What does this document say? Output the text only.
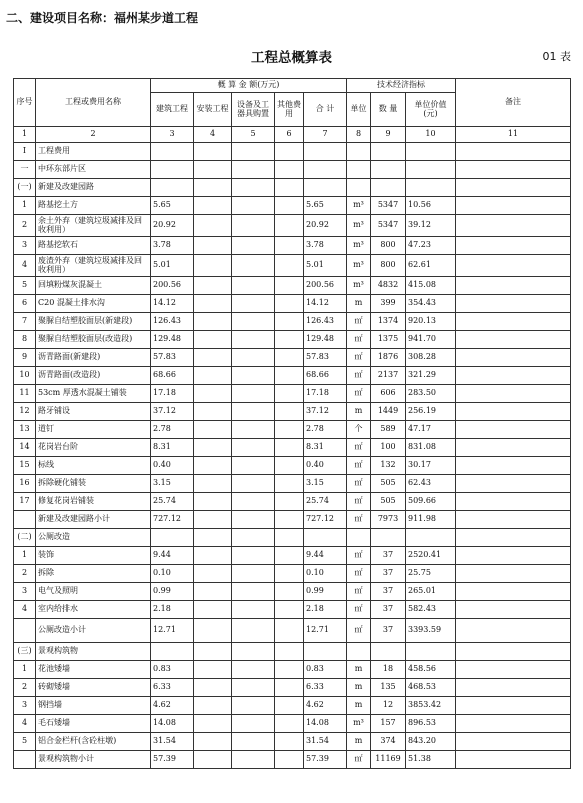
二、建设项目名称：福州某步道工程
工程总概算表	01 表
序号	工程或费用名称	概 算 金 额(万元)					技术经济指标			备注
		建筑工程	安装工程	设备及工器具购置	其他费用	合 计	单位	数 量	单位价值(元)	
1	2	3	4	5	6	7	8	9	10	11
Ⅰ	工程费用									
一	中环东部片区									
(一)	新建及改建园路									
1	路基挖土方	5.65				5.65	m³	5347	10.56	
2	余土外弃（建筑垃圾减排及回收利用）	20.92				20.92	m³	5347	39.12	
3	路基挖软石	3.78				3.78	m³	800	47.23	
4	废渣外弃（建筑垃圾减排及回收利用）	5.01				5.01	m³	800	62.61	
5	回填粉煤灰混凝土	200.56				200.56	m³	4832	415.08	
6	C20 混凝土排水沟	14.12				14.12	m	399	354.43	
7	聚脲自结塑胶面层(新建段)	126.43				126.43	㎡	1374	920.13	
8	聚脲自结塑胶面层(改造段)	129.48				129.48	㎡	1375	941.70	
9	沥青路面(新建段)	57.83				57.83	㎡	1876	308.28	
10	沥青路面(改造段)	68.66				68.66	㎡	2137	321.29	
11	53cm 厚透水混凝土铺装	17.18				17.18	㎡	606	283.50	
12	路牙铺设	37.12				37.12	m	1449	256.19	
13	道钉	2.78				2.78	个	589	47.17	
14	花岗岩台阶	8.31				8.31	㎡	100	831.08	
15	标线	0.40				0.40	㎡	132	30.17	
16	拆除硬化铺装	3.15				3.15	㎡	505	62.43	
17	修复花岗岩铺装	25.74				25.74	㎡	505	509.66	
	新建及改建园路小计	727.12				727.12	㎡	7973	911.98	
(二)	公厕改造									
1	装饰	9.44				9.44	㎡	37	2520.41	
2	拆除	0.10				0.10	㎡	37	25.75	
3	电气及照明	0.99				0.99	㎡	37	265.01	
4	室内给排水	2.18				2.18	㎡	37	582.43	
	公厕改造小计	12.71				12.71	㎡	37	3393.59	
(三)	景观构筑物									
1	花池矮墙	0.83				0.83	m	18	458.56	
2	砖砌矮墙	6.33				6.33	m	135	468.53	
3	钢挡墙	4.62				4.62	m	12	3853.42	
4	毛石矮墙	14.08				14.08	m³	157	896.53	
5	铝合金栏杆(含砼柱墩)	31.54				31.54	m	374	843.20	
	景观构筑物小计	57.39				57.39	㎡	11169	51.38	
